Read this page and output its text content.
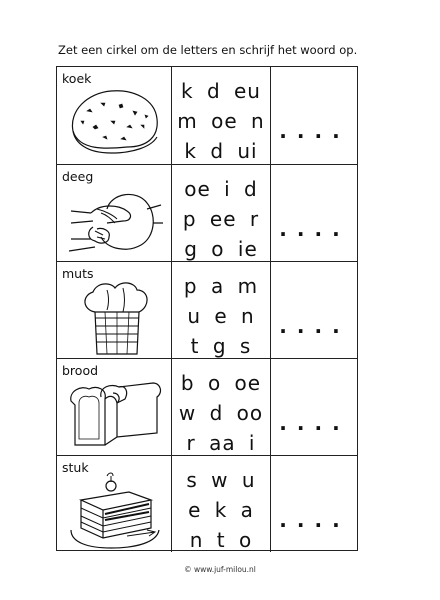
Zet een cirkel om de letters en schrijf het woord op.
koek
k d eu
m oe n
k d ui
....
deeg
oe i d
p ee r
g o ie
....
muts
p a m
u e n
t g s
....
brood
b o oe
w d oo
r aa i
....
stuk
s w u
e k a
n t o
....
© www.juf-milou.nl
